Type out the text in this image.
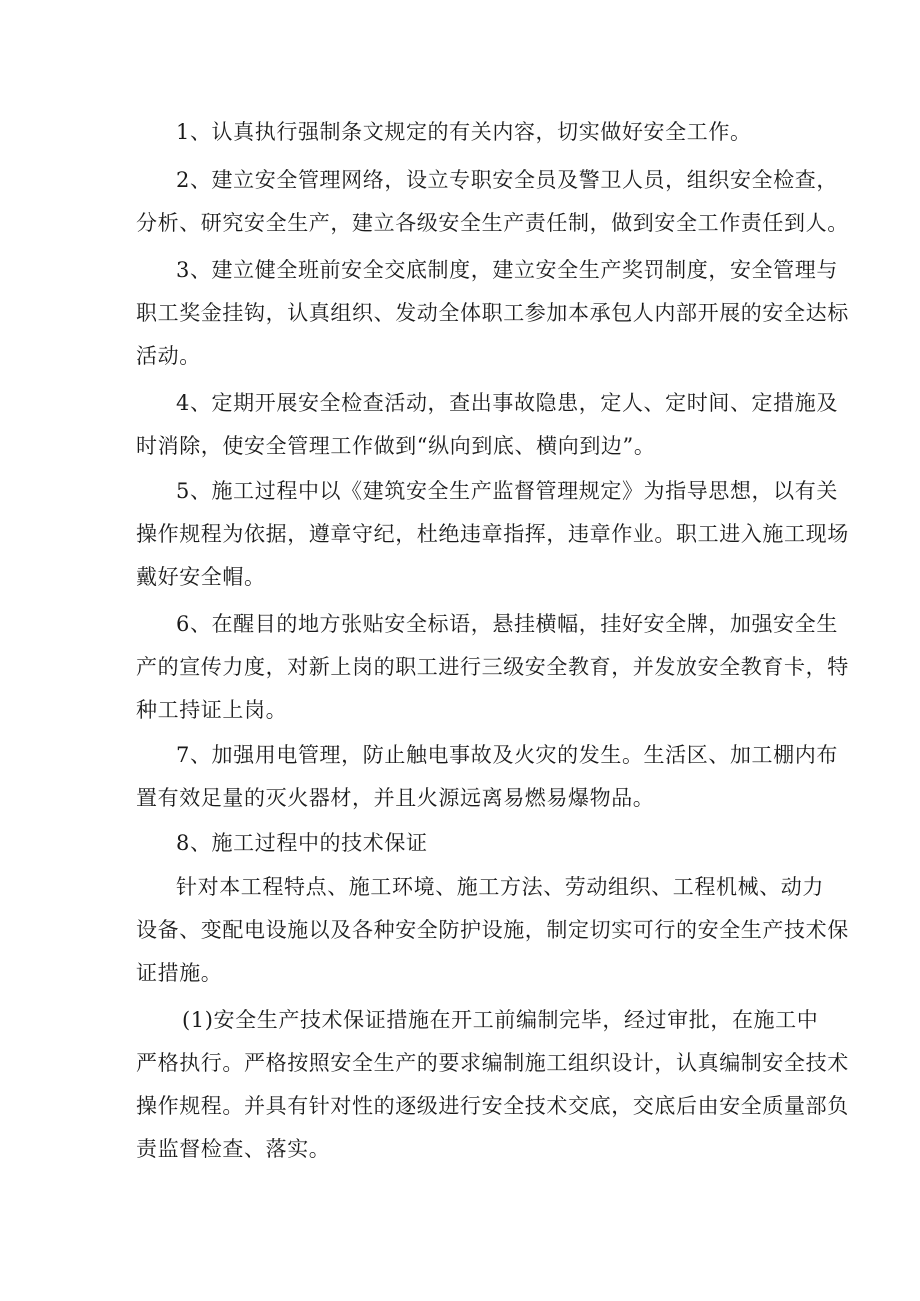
1、认真执行强制条文规定的有关内容，切实做好安全工作。
2、建立安全管理网络，设立专职安全员及警卫人员，组织安全检查，
分析、研究安全生产，建立各级安全生产责任制，做到安全工作责任到人。
3、建立健全班前安全交底制度，建立安全生产奖罚制度，安全管理与
职工奖金挂钩，认真组织、发动全体职工参加本承包人内部开展的安全达标
活动。
4、定期开展安全检查活动，查出事故隐患，定人、定时间、定措施及
时消除，使安全管理工作做到“纵向到底、横向到边”。
5、施工过程中以《建筑安全生产监督管理规定》为指导思想，以有关
操作规程为依据，遵章守纪，杜绝违章指挥，违章作业。职工进入施工现场
戴好安全帽。
6、在醒目的地方张贴安全标语，悬挂横幅，挂好安全牌，加强安全生
产的宣传力度，对新上岗的职工进行三级安全教育，并发放安全教育卡，特
种工持证上岗。
7、加强用电管理，防止触电事故及火灾的发生。生活区、加工棚内布
置有效足量的灭火器材，并且火源远离易燃易爆物品。
8、施工过程中的技术保证
针对本工程特点、施工环境、施工方法、劳动组织、工程机械、动力
设备、变配电设施以及各种安全防护设施，制定切实可行的安全生产技术保
证措施。
(1)安全生产技术保证措施在开工前编制完毕，经过审批，在施工中
严格执行。严格按照安全生产的要求编制施工组织设计，认真编制安全技术
操作规程。并具有针对性的逐级进行安全技术交底，交底后由安全质量部负
责监督检查、落实。
